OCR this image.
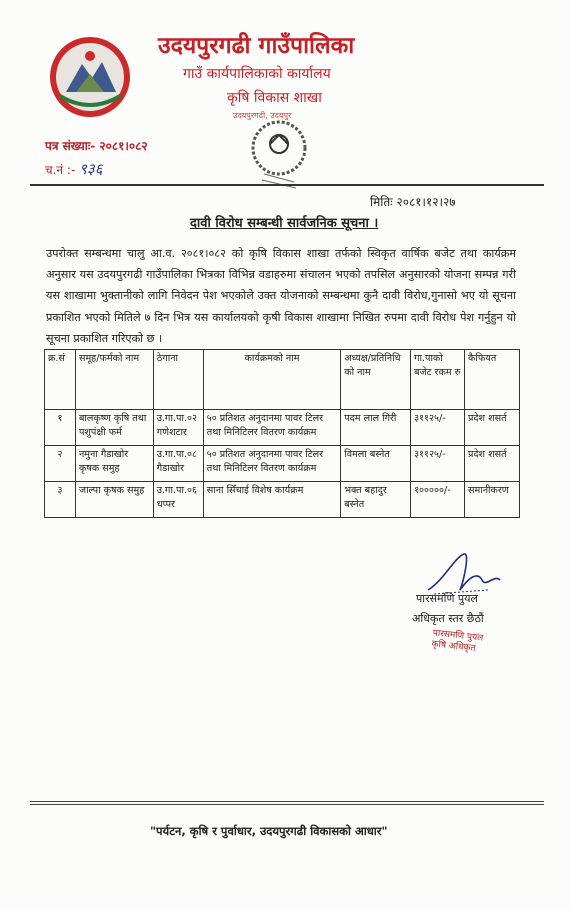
उदयपुरगढी गाउँपालिका
गाउँ कार्यपालिकाको कार्यालय
कृषि विकास शाखा
उदयपुरगढी, उदयपुर
पत्र संख्याः- २०८१।०८२
च.नं :- ९३६
मितिः २०८१।१२।२७
दावी विरोध सम्बन्धी सार्वजनिक सूचना ।
उपरोक्त सम्बन्धमा चालु आ.व. २०८१।०८२ को कृषि विकास शाखा तर्फको स्विकृत वार्षिक बजेट तथा कार्यक्रम अनुसार यस उदयपुरगढी गाउँपालिका भित्रका विभिन्न वडाहरुमा संचालन भएको तपसिल अनुसारको योजना सम्पन्न गरी यस शाखामा भुक्तानीको लागि निवेदन पेश भएकोले उक्त योजनाको सम्बन्धमा कुनै दावी विरोध,गुनासो भए यो सूचना प्रकाशित भएको मितिले ७ दिन भित्र यस कार्यालयको कृषी विकास शाखामा निखित रुपमा दावी विरोध पेश गर्नुहुन यो सूचना प्रकाशित गरिएको छ ।
क्र.सं	समूह/फर्मको नाम	ठेगाना	कार्यक्रमको नाम	अध्यक्ष/प्रतिनिधि को नाम	गा.पाको बजेट रकम रु	कैफियत
१	बालकृष्ण कृषि तथा पशुपंक्षी फर्म	उ.गा.पा.०२ गणेशटार	५० प्रतिशत अनुदानमा पावर टिलर तथा मिनिटिलर वितरण कार्यक्रम	पदम लाल गिरी	३११२५/-	प्रदेश शसर्त
२	नमुना गैडाखोर कृषक समुह	उ.गा.पा.०८ गैडाखोर	५० प्रतिशत अनुदानमा पावर टिलर तथा मिनिटिलर वितरण कार्यक्रम	विमला बस्नेत	३११२५/-	प्रदेश शसर्त
३	जाल्पा कृषक समुह	उ.गा.पा.०६ धप्पर	साना सिँचाई विशेष कार्यक्रम	भक्त बहादुर बस्नेत	१०००००/-	समानीकरण
पारसमणि पुयल
अधिकृत स्तर छैठौं
पारसमणि पुयल
कृषि अधिकृत
"पर्यटन, कृषि र पुर्वाधार, उदयपुरगढी विकासको आधार"
